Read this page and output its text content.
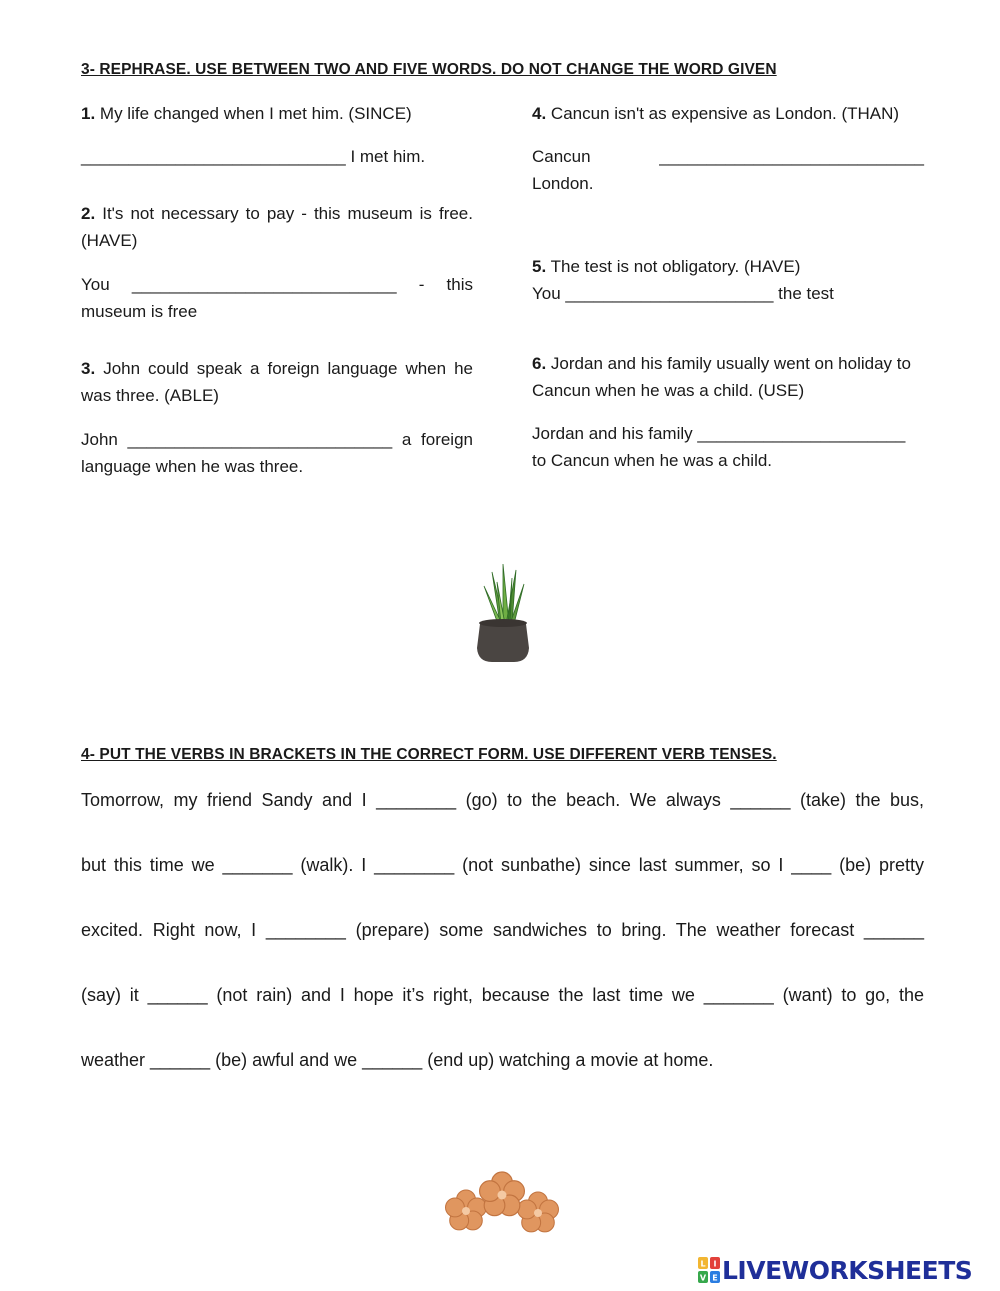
3- REPHRASE. USE BETWEEN TWO AND FIVE WORDS. DO NOT CHANGE THE WORD GIVEN

1. My life changed when I met him. (SINCE)

____________________________ I met him.

2. It's not necessary to pay - this museum is free. (HAVE)

You ____________________________ - this

museum is free

3. John could speak a foreign language when he was three. (ABLE)

John ____________________________ a foreign language when he was three.

4. Cancun isn't as expensive as London. (THAN)

Cancun	____________________________

London.

5. The test is not obligatory. (HAVE)

You ______________________ the test

6. Jordan and his family usually went on holiday to Cancun when he was a child. (USE)

Jordan and his family ______________________ to Cancun when he was a child.

4- PUT THE VERBS IN BRACKETS IN THE CORRECT FORM. USE DIFFERENT VERB TENSES.
Tomorrow, my friend Sandy and I ________ (go) to the beach. We always ______ (take) the bus,
but this time we _______ (walk). I ________ (not sunbathe) since last summer, so I ____ (be) pretty
excited. Right now, I ________ (prepare) some sandwiches to bring. The weather forecast ______
(say) it ______ (not rain) and I hope it’s right, because the last time we _______ (want) to go, the
weather ______ (be) awful and we ______ (end up) watching a movie at home.
L I
V E LIVEWORKSHEETS
